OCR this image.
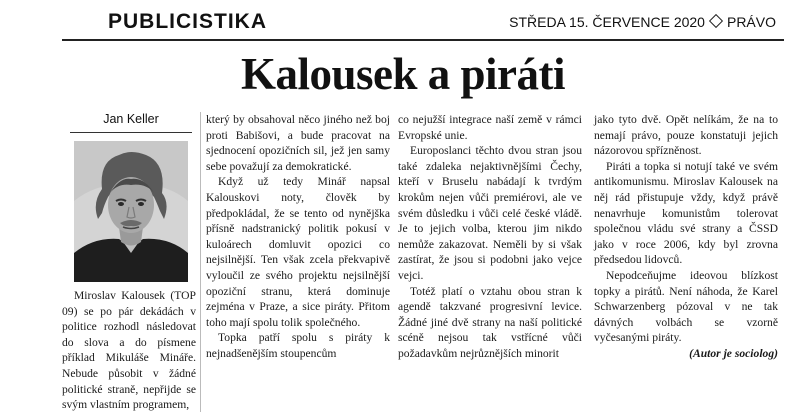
PUBLICISTIKA	STŘEDA 15. ČERVENCE 2020 PRÁVO
Kalousek a piráti
Jan Keller

Miroslav Kalousek (TOP 09) se po pár dekádách v politice rozhodl následovat do slova a do písmene příklad Mikuláše Mináře. Nebude působit v žádné politické straně, nepřijde se svým vlastním programem,

který by obsahoval něco jiného než boj proti Babišovi, a bude pracovat na sjednocení opozičních sil, jež jen samy sebe považují za demokratické.

Když už tedy Minář napsal Kalouskovi noty, člověk by předpokládal, že se tento od nynějška přísně nadstranický politik pokusí v kuloárech domluvit opozici co nejsilnější. Ten však zcela překvapivě vyloučil ze svého projektu nejsilnější opoziční stranu, která dominuje zejména v Praze, a sice piráty. Přitom toho mají spolu tolik společného.

Topka patří spolu s piráty k nejnadšenějším stoupencům

co nejužší integrace naší země v rámci Evropské unie.

Europoslanci těchto dvou stran jsou také zdaleka nejaktivnějšími Čechy, kteří v Bruselu nabádají k tvrdým krokům nejen vůči premiérovi, ale ve svém důsledku i vůči celé české vládě. Je to jejich volba, kterou jim nikdo nemůže zakazovat. Neměli by si však zastírat, že jsou si podobni jako vejce vejci.

Totéž platí o vztahu obou stran k agendě takzvané progresivní levice. Žádné jiné dvě strany na naší politické scéně nejsou tak vstřícné vůči požadavkům nejrůznějších minorit

jako tyto dvě. Opět nelíkám, že na to nemají právo, pouze konstatuji jejich názorovou spřízněnost.

Piráti a topka si notují také ve svém antikomunismu. Miroslav Kalousek na něj rád přistupuje vždy, když právě nenavrhuje komunistům tolerovat společnou vládu své strany a ČSSD jako v roce 2006, kdy byl zrovna předsedou lidovců.

Nepodceňujme ideovou blízkost topky a pirátů. Není náhoda, že Karel Schwarzenberg pózoval v ne tak dávných volbách se vzorně vyčesanými piráty.

(Autor je sociolog)
